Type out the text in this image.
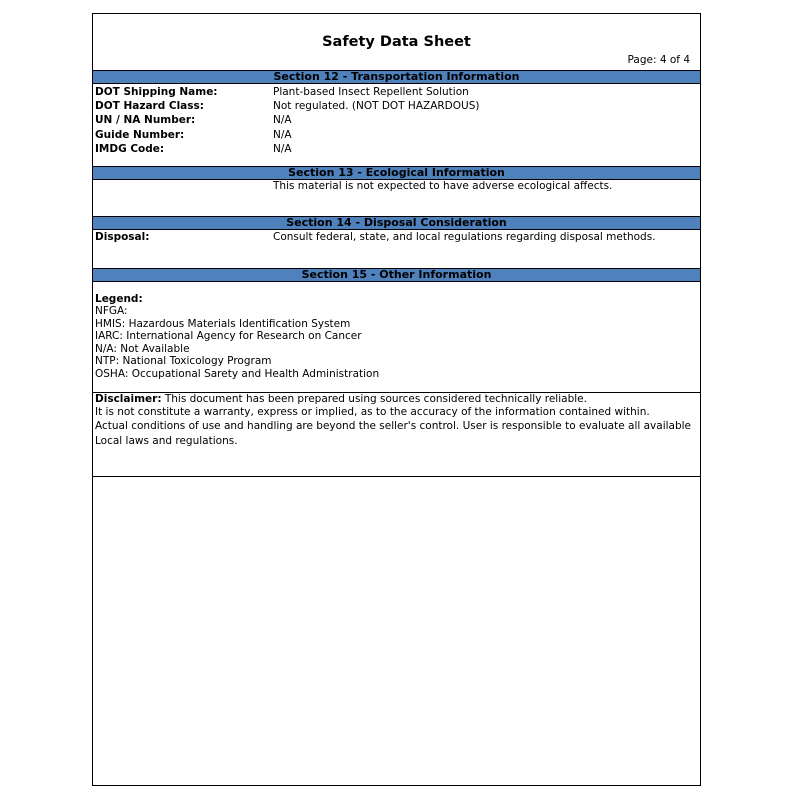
Safety Data Sheet
Page: 4 of 4
Section 12 - Transportation Information
DOT Shipping Name:	Plant-based Insect Repellent Solution
DOT Hazard Class:	Not regulated. (NOT DOT HAZARDOUS)
UN / NA Number:	N/A
Guide Number:	N/A
IMDG Code:	N/A
Section 13 - Ecological Information
This material is not expected to have adverse ecological affects.
Section 14 - Disposal Consideration
Disposal:	Consult federal, state, and local regulations regarding disposal methods.
Section 15 - Other Information
Legend:
NFGA:
HMIS: Hazardous Materials Identification System
IARC: International Agency for Research on Cancer
N/A: Not Available
NTP: National Toxicology Program
OSHA: Occupational Sarety and Health Administration
Disclaimer: This document has been prepared using sources considered technically reliable.
It is not constitute a warranty, express or implied, as to the accuracy of the information contained within.
Actual conditions of use and handling are beyond the seller's control. User is responsible to evaluate all available
Local laws and regulations.
